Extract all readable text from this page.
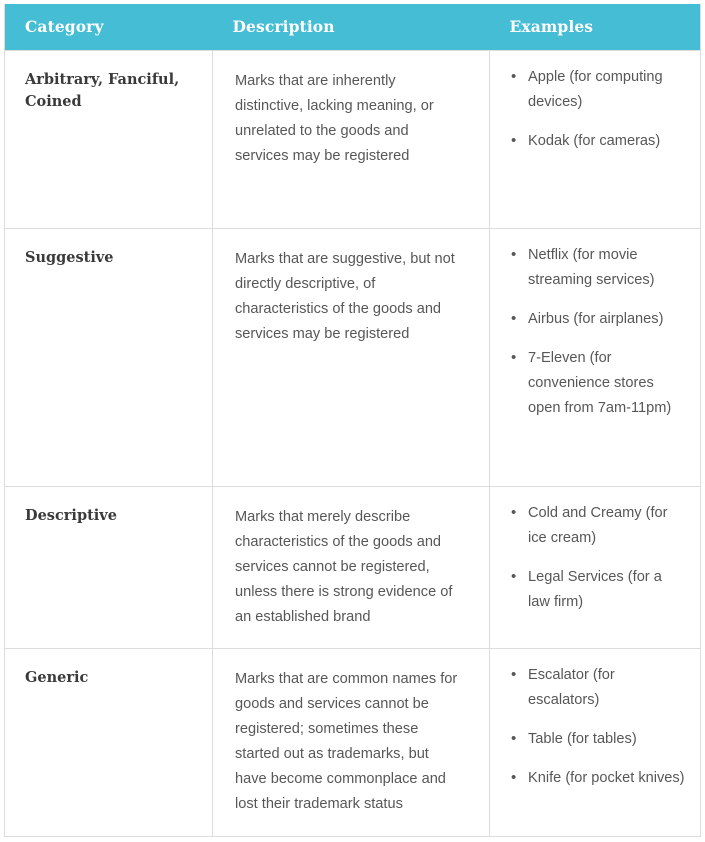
Category	Description	Examples
Arbitrary, Fanciful, Coined	Marks that are inherently distinctive, lacking meaning, or unrelated to the goods and services may be registered	
• Apple (for computing devices)
• Kodak (for cameras)

Suggestive	Marks that are suggestive, but not directly descriptive, of characteristics of the goods and services may be registered	
• Netflix (for movie streaming services)
• Airbus (for airplanes)
• 7-Eleven (for convenience stores open from 7am-11pm)

Descriptive	Marks that merely describe characteristics of the goods and services cannot be registered, unless there is strong evidence of an established brand	
• Cold and Creamy (for ice cream)
• Legal Services (for a law firm)

Generic	Marks that are common names for goods and services cannot be registered; sometimes these started out as trademarks, but have become commonplace and lost their trademark status	
• Escalator (for escalators)
• Table (for tables)
• Knife (for pocket knives)
